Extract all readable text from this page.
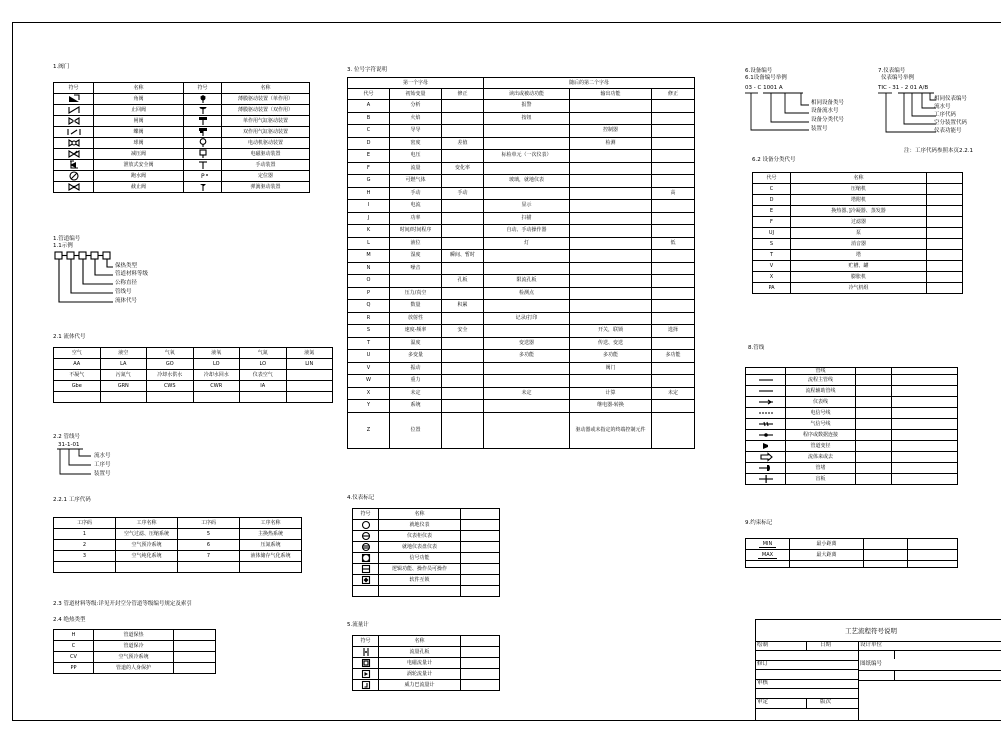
1.阀门
符号	名称	符号	名称

	角阀		薄膜驱动装置（单作用）

	止回阀		薄膜驱动装置（双作用）

	闸阀		单作用气缸驱动装置

	蝶阀		双作用气缸驱动装置

	球阀		电动机驱动装置

	减压阀		电磁驱动装置

	泄放式安全阀		手动装置

	跑水阀	P	定位器

	截止阀		弹簧驱动装置
1.管道编号
1.1示例
保热类型
管道材料等级
公称直径
管线号
流体代号
2.1 流体代号
空气	液空	气氧	液氧	气氮	液氮
AA	LA	GO	LO	LO	LIN
不凝气	污氮气	冷却水供水	冷却水回水	仪表空气	
Gbe	GRN	CWS	CWR	IA	

2.2 管线号
31-1-01
流水号
工序号
装置号
2.2.1 工序代码
工序码	工序名称	工序码	工序名称
1	空气过滤、压缩系统	5	主换热系统
2	空气预冷系统	6	压氮系统
3	空气纯化系统	7	液体储存气化系统

2.3 管道材料等级:详见开封空分管道等级编号规定及索引
2.4 绝热类型
H	管道保热	
C	管道保冷	
CV	空气预冷系统	
PP	管道的人身保护	
3. 位号字符说明
第一个字母			随后的第二个字母		
代号	初始变量	修正	读出或被动功能	输出功能	修正
A	分析		报警		
B	火焰		按钮		
C	导导			控制器	
D	密度	差值		检测	
E	电压		标检单元（一次仪表）		
F	流量	变化率			
G	可燃气体		玻璃，就地仪表		
H	手动	手动			高
I	电流		显示		
J	功率		扫描		
K	时间/时间程序		自动、手动操作器		
L	液位		灯		低
M	湿度	瞬间、暂时			
N	噪音				
O		孔板	限流孔板		
P	压力/真空		检测点		
Q	数量	积累			
R	放射性		记录/打印		
S	速度-频率	安全		开关，联锁	选择
T	温度		变送器	传送、变送	
U	多变量		多功能	多功能	多功能
V	振动			阀门	
W	重力				
X	未定		未定	计算	未定
Y	系统			继电器-转换	
Z	位置			驱动器或未指定的终端控制元件	
4.仪表标记
符号	名称	

	就地仪表	

	仪表柜仪表	

	就地仪表盘仪表	

	信号功能	

	逻辑功能、操作员可操作	

	软件互锁	

5.流量计
符号	名称	

	流量孔板	

	电磁流量计	

	涡轮流量计	

	威力巴流量计	
6.设备编号
6.1设备编号举例
03 - C 1001 A
相同设备类号
设备流水号
设备分类代号
装置号
6.2 设备分类代号
代号	名称	
C	压缩机	
D	塔附机	
E	换热器、]冷凝器、蒸发器	
F	过滤器	
UJ	泵	
S	消音器	
T	塔	
V	贮槽、罐	
X	膨胀机	
PA	冷气机组	
7.仪表编号
仪表编号举例
TIC - 31 - 2 01 A/B
相同仪表编号
流水号
工序代码
空分装置代码
仪表功能号
注：工序代码参照本页2.2.1
8.管线
	管线		

	流程主管线		

	流程辅助管线		

	仪表线		

	电信号线		

	气信号线		

	程序或数据连接		

	管道变径		

	流体来或去		

	管堵		

	盲板		
9.约束标记
MIN	最小距离		
MAX	最大距离		

工艺流程符号说明
绘制	日期	设计单位
修订	图纸编号
审核
审定	版次
